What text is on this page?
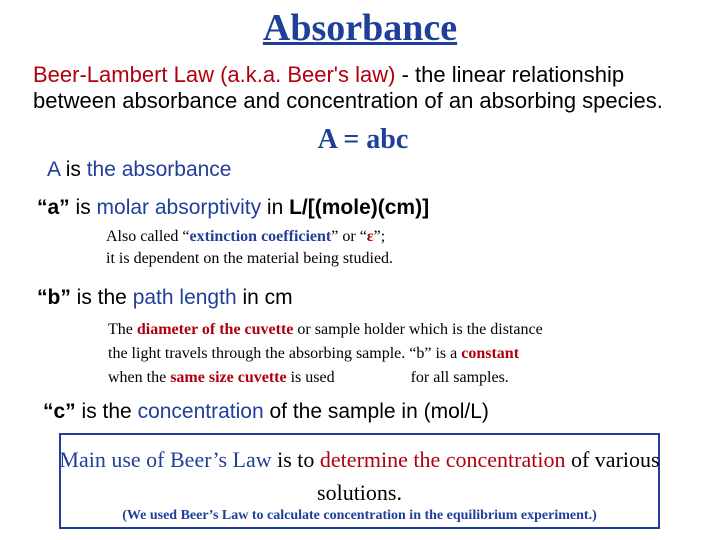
Absorbance
Beer-Lambert Law (a.k.a. Beer's law) - the linear relationship between absorbance and concentration of an absorbing species.
A = abc
A is the absorbance
“a” is molar absorptivity in L/[(mole)(cm)]
Also called “extinction coefficient” or “ε”;
it is dependent on the material being studied.
“b” is the path length in cm
The diameter of the cuvette or sample holder which is the distance
the light travels through the absorbing sample. “b” is a constant
when the same size cuvette is used	for all samples.
“c” is the concentration of the sample in (mol/L)
Main use of Beer’s Law is to determine the concentration of various solutions.
(We used Beer’s Law to calculate concentration in the equilibrium experiment.)
